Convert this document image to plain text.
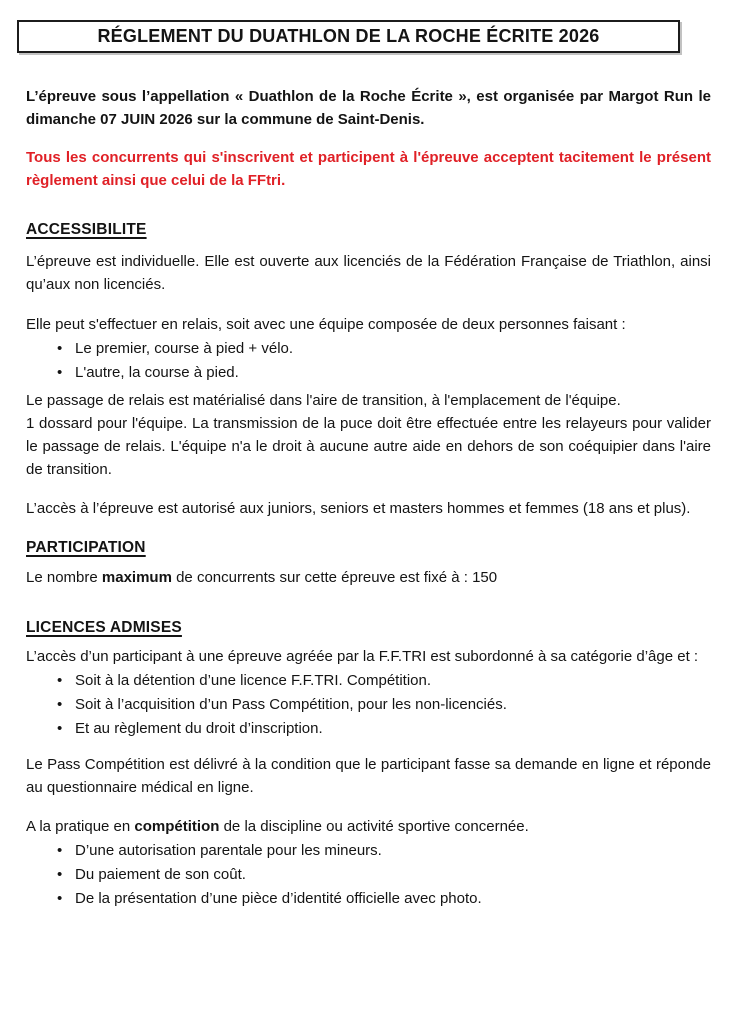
RÉGLEMENT DU DUATHLON DE LA ROCHE ÉCRITE 2026

L’épreuve sous l’appellation « Duathlon de la Roche Écrite », est organisée par Margot Run le dimanche 07 JUIN 2026 sur la commune de Saint-Denis.

Tous les concurrents qui s'inscrivent et participent à l'épreuve acceptent tacitement le présent règlement ainsi que celui de la FFtri.

ACCESSIBILITE

L’épreuve est individuelle. Elle est ouverte aux licenciés de la Fédération Française de Triathlon, ainsi qu’aux non licenciés.

Elle peut s'effectuer en relais, soit avec une équipe composée de deux personnes faisant :

• Le premier, course à pied + vélo.
• L'autre, la course à pied.
Le passage de relais est matérialisé dans l'aire de transition, à l'emplacement de l'équipe.
1 dossard pour l'équipe. La transmission de la puce doit être effectuée entre les relayeurs pour valider le passage de relais. L'équipe n'a le droit à aucune autre aide en dehors de son coéquipier dans l'aire de transition.

L’accès à l’épreuve est autorisé aux juniors, seniors et masters hommes et femmes (18 ans et plus).

PARTICIPATION

Le nombre maximum de concurrents sur cette épreuve est fixé à : 150

LICENCES ADMISES

L’accès d’un participant à une épreuve agréée par la F.F.TRI est subordonné à sa catégorie d’âge et :

• Soit à la détention d’une licence F.F.TRI. Compétition.
• Soit à l’acquisition d’un Pass Compétition, pour les non-licenciés.
• Et au règlement du droit d’inscription.

Le Pass Compétition est délivré à la condition que le participant fasse sa demande en ligne et réponde au questionnaire médical en ligne.

A la pratique en compétition de la discipline ou activité sportive concernée.

• D’une autorisation parentale pour les mineurs.
• Du paiement de son coût.
• De la présentation d’une pièce d’identité officielle avec photo.
